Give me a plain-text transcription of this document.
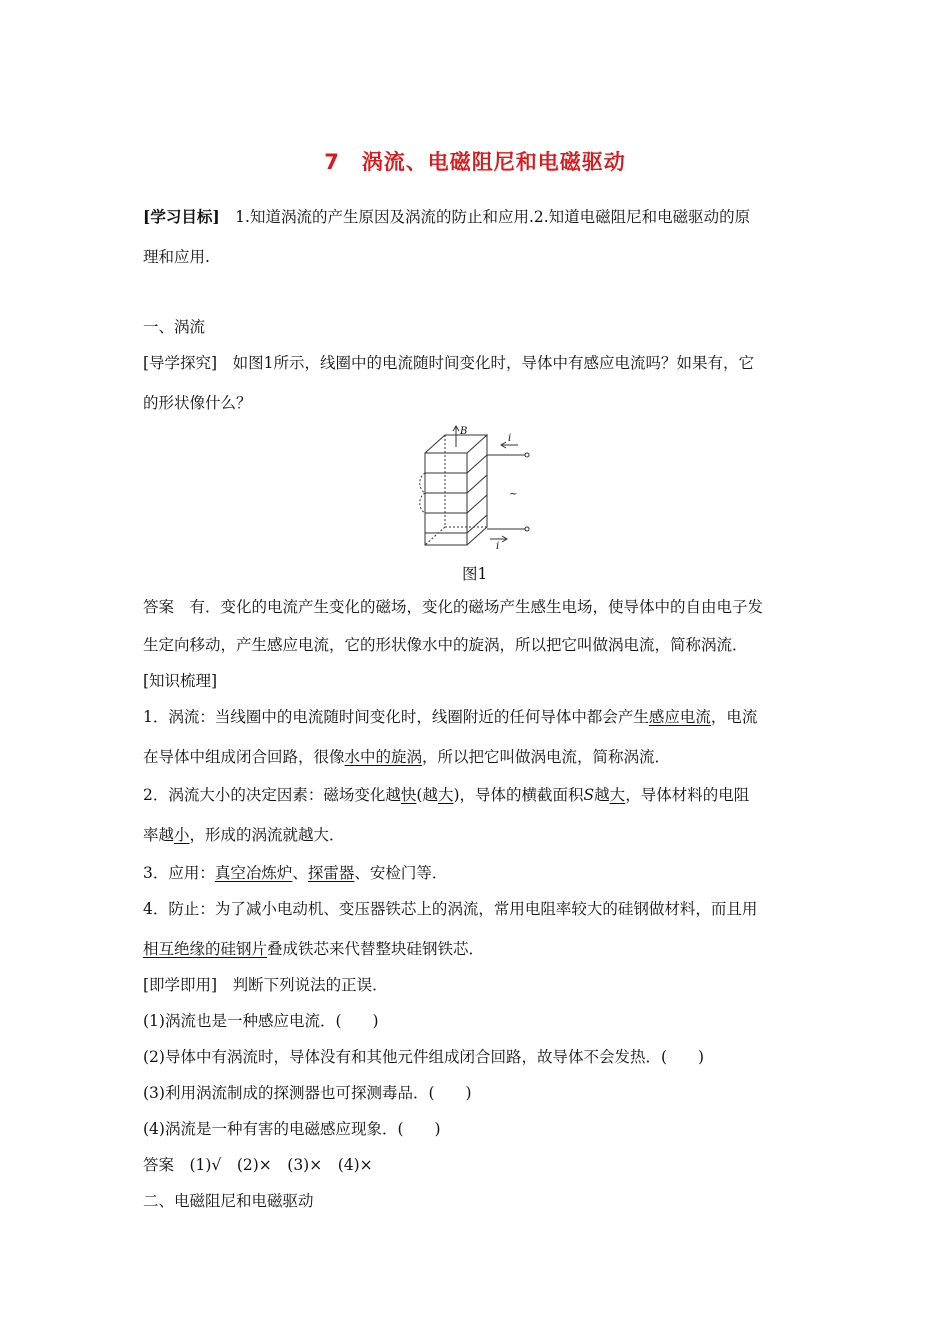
7　涡流、电磁阻尼和电磁驱动
[学习目标]　1.知道涡流的产生原因及涡流的防止和应用.2.知道电磁阻尼和电磁驱动的原
理和应用.
一、涡流
[导学探究]　如图1所示，线圈中的电流随时间变化时，导体中有感应电流吗？如果有，它
的形状像什么？
B
i
i
~
图1
答案　有．变化的电流产生变化的磁场，变化的磁场产生感生电场，使导体中的自由电子发
生定向移动，产生感应电流，它的形状像水中的旋涡，所以把它叫做涡电流，简称涡流．
[知识梳理]
1．涡流：当线圈中的电流随时间变化时，线圈附近的任何导体中都会产生感应电流，电流
在导体中组成闭合回路，很像水中的旋涡，所以把它叫做涡电流，简称涡流．
2．涡流大小的决定因素：磁场变化越快(越大)，导体的横截面积S越大，导体材料的电阻
率越小，形成的涡流就越大．
3．应用：真空冶炼炉、探雷器、安检门等．
4．防止：为了减小电动机、变压器铁芯上的涡流，常用电阻率较大的硅钢做材料，而且用
相互绝缘的硅钢片叠成铁芯来代替整块硅钢铁芯．
[即学即用]　判断下列说法的正误．
(1)涡流也是一种感应电流．(　　)
(2)导体中有涡流时，导体没有和其他元件组成闭合回路，故导体不会发热．(　　)
(3)利用涡流制成的探测器也可探测毒品．(　　)
(4)涡流是一种有害的电磁感应现象．(　　)
答案　(1)√　(2)×　(3)×　(4)×
二、电磁阻尼和电磁驱动
